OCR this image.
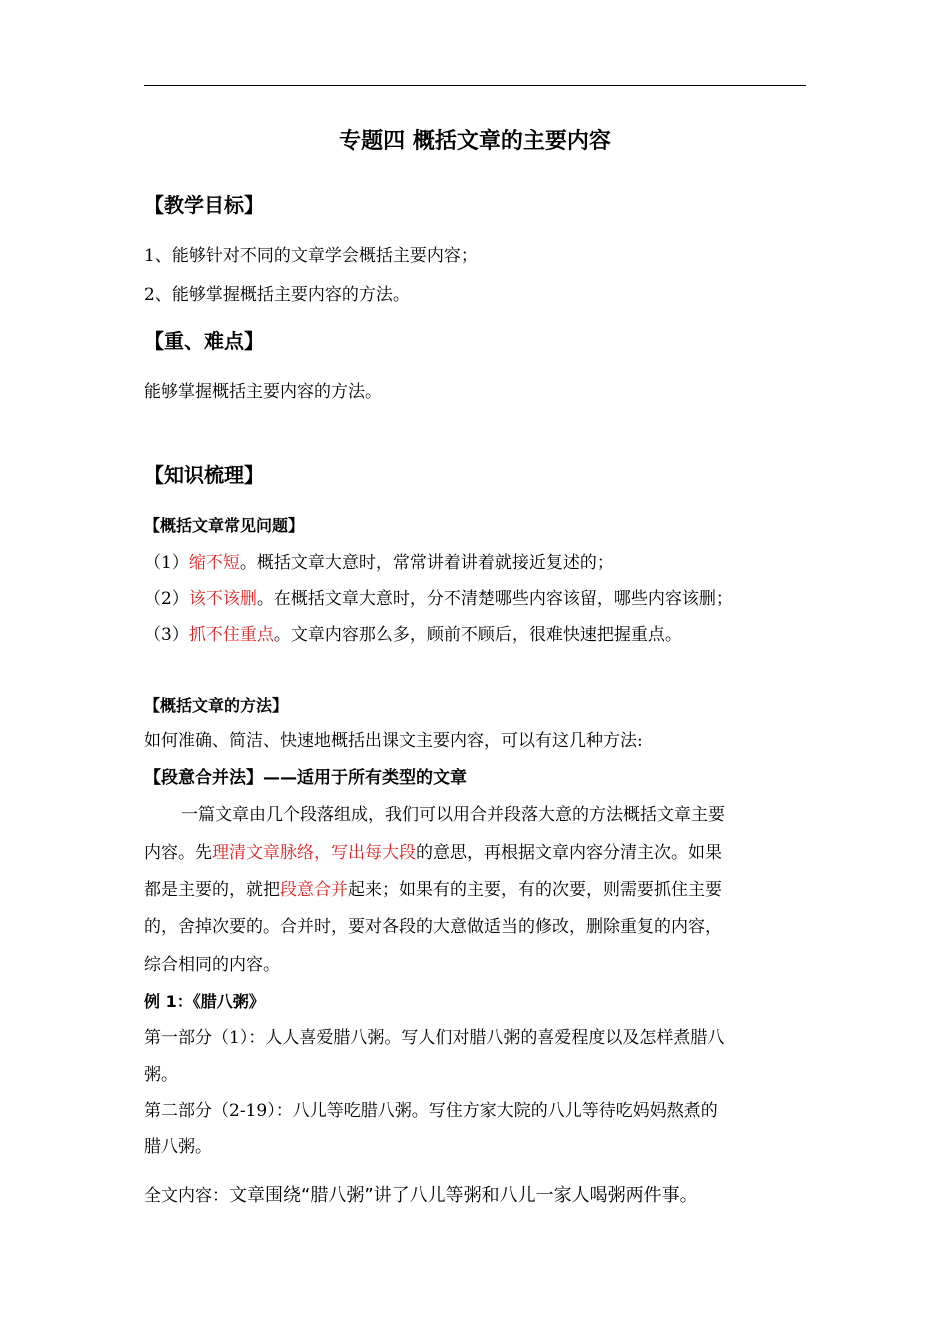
专题四 概括文章的主要内容
【教学目标】
1、能够针对不同的文章学会概括主要内容；
2、能够掌握概括主要内容的方法。
【重、难点】
能够掌握概括主要内容的方法。
【知识梳理】
【概括文章常见问题】
（1）缩不短。概括文章大意时，常常讲着讲着就接近复述的；
（2）该不该删。在概括文章大意时，分不清楚哪些内容该留，哪些内容该删；
（3）抓不住重点。文章内容那么多，顾前不顾后，很难快速把握重点。
【概括文章的方法】
如何准确、简洁、快速地概括出课文主要内容，可以有这几种方法:
【段意合并法】——适用于所有类型的文章
一篇文章由几个段落组成，我们可以用合并段落大意的方法概括文章主要
内容。先理清文章脉络，写出每大段的意思，再根据文章内容分清主次。如果
都是主要的，就把段意合并起来；如果有的主要，有的次要，则需要抓住主要
的，舍掉次要的。合并时，要对各段的大意做适当的修改，删除重复的内容，
综合相同的内容。
例 1：《腊八粥》
第一部分（1）：人人喜爱腊八粥。写人们对腊八粥的喜爱程度以及怎样煮腊八
粥。
第二部分（2-19）：八儿等吃腊八粥。写住方家大院的八儿等待吃妈妈熬煮的
腊八粥。
全文内容：文章围绕“腊八粥”讲了八儿等粥和八儿一家人喝粥两件事。
